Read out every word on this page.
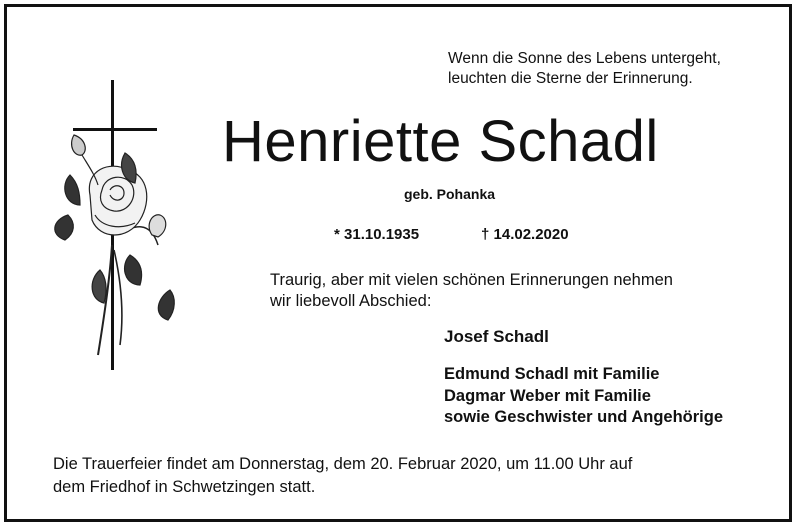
Wenn die Sonne des Lebens untergeht,
leuchten die Sterne der Erinnerung.
Henriette Schadl
geb. Pohanka
* 31.10.1935	† 14.02.2020
Traurig, aber mit vielen schönen Erinnerungen nehmen
wir liebevoll Abschied:
Josef Schadl
Edmund Schadl mit Familie
Dagmar Weber mit Familie
sowie Geschwister und Angehörige
Die Trauerfeier findet am Donnerstag, dem 20. Februar 2020, um 11.00 Uhr auf
dem Friedhof in Schwetzingen statt.
